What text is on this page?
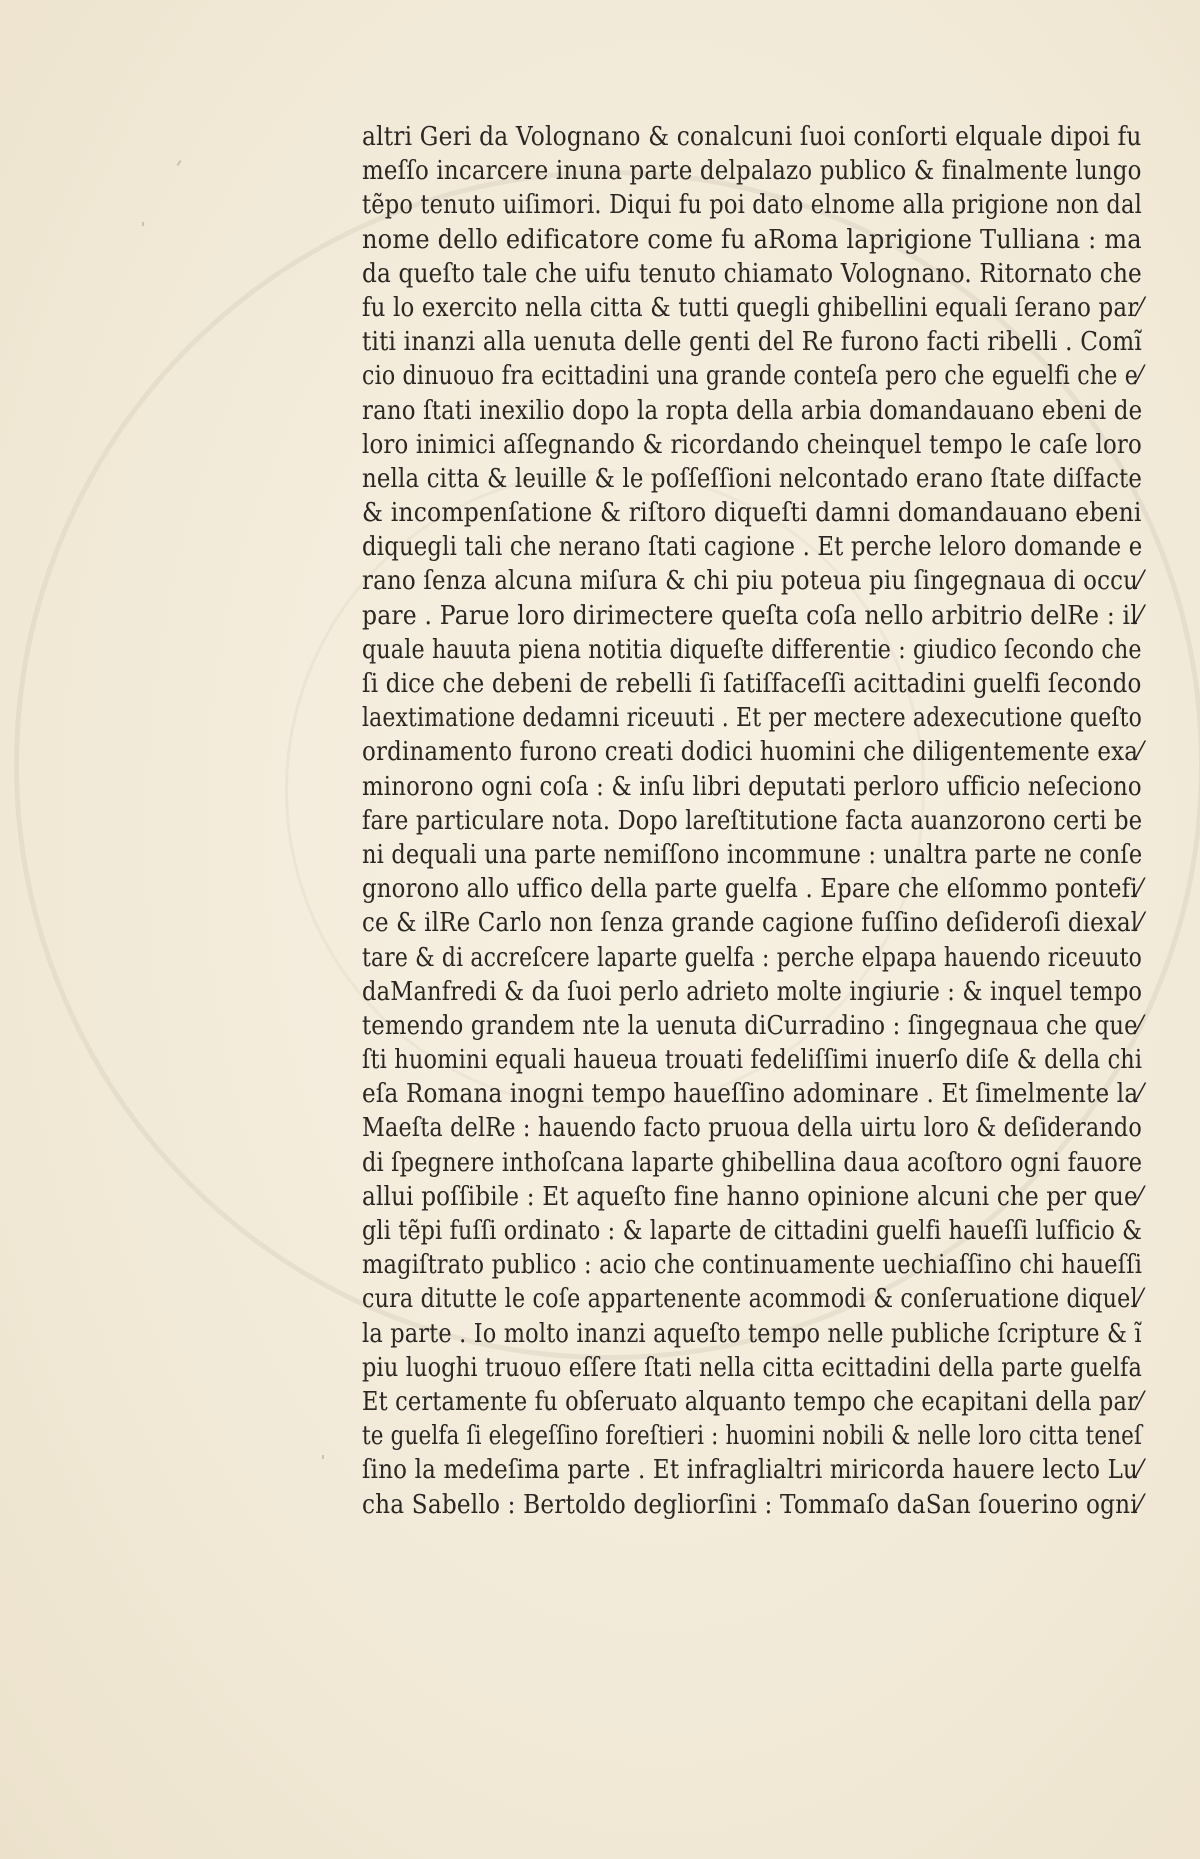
altri Geri da Volognano & conalcuni ſuoi conſorti elquale dipoi fu
meſſo incarcere inuna parte delpalazo publico & finalmente lungo
tẽpo tenuto uiſimori. Diqui fu poi dato elnome alla prigione non dal
nome dello edificatore come fu aRoma laprigione Tulliana : ma
da queſto tale che uifu tenuto chiamato Volognano. Ritornato che
fu lo exercito nella citta & tutti quegli ghibellini equali ſerano par⁄
titi inanzi alla uenuta delle genti del Re furono facti ribelli . Comĩ
cio dinuouo fra ecittadini una grande conteſa pero che eguelfi che e⁄
rano ſtati inexilio dopo la ropta della arbia domandauano ebeni de
loro inimici aſſegnando & ricordando cheinquel tempo le caſe loro
nella citta & leuille & le poſſeſſioni nelcontado erano ſtate diſfacte
& incompenſatione & riſtoro diqueſti damni domandauano ebeni
diquegli tali che nerano ſtati cagione . Et perche leloro domande e
rano ſenza alcuna miſura & chi piu poteua piu ſingegnaua di occu⁄
pare . Parue loro dirimectere queſta coſa nello arbitrio delRe : il⁄
quale hauuta piena notitia diqueſte differentie : giudico ſecondo che
ſi dice che debeni de rebelli ſi ſatiſfaceſſi acittadini guelfi ſecondo
laextimatione dedamni riceuuti . Et per mectere adexecutione queſto
ordinamento furono creati dodici huomini che diligentemente exa⁄
minorono ogni coſa : & inſu libri deputati perloro ufficio neſeciono
fare particulare nota. Dopo lareſtitutione facta auanzorono certi be
ni dequali una parte nemiſſono incommune : unaltra parte ne conſe
gnorono allo uffico della parte guelfa . Epare che elſommo pontefi⁄
ce & ilRe Carlo non ſenza grande cagione fuſſino deſideroſi diexal⁄
tare & di accreſcere laparte guelfa : perche elpapa hauendo riceuuto
daManfredi & da ſuoi perlo adrieto molte ingiurie : & inquel tempo
temendo grandem nte la uenuta diCurradino : ſingegnaua che que⁄
ſti huomini equali haueua trouati fedeliſſimi inuerſo diſe & della chi
eſa Romana inogni tempo haueſſino adominare . Et ſimelmente la⁄
Maeſta delRe : hauendo facto pruoua della uirtu loro & deſiderando
di ſpegnere inthoſcana laparte ghibellina daua acoſtoro ogni fauore
allui poſſibile : Et aqueſto fine hanno opinione alcuni che per que⁄
gli tẽpi fuſſi ordinato : & laparte de cittadini guelfi haueſſi luſficio &
magiſtrato publico : acio che continuamente uechiaſſino chi haueſſi
cura ditutte le coſe appartenente acommodi & conſeruatione diquel⁄
la parte . Io molto inanzi aqueſto tempo nelle publiche ſcripture & ĩ
piu luoghi truouo eſſere ſtati nella citta ecittadini della parte guelfa
Et certamente fu obſeruato alquanto tempo che ecapitani della par⁄
te guelfa ſi elegeſſino foreſtieri : huomini nobili & nelle loro citta teneſ
ſino la medeſima parte . Et infraglialtri miricorda hauere lecto Lu⁄
cha Sabello : Bertoldo degliorſini : Tommaſo daSan ſouerino ogni⁄
